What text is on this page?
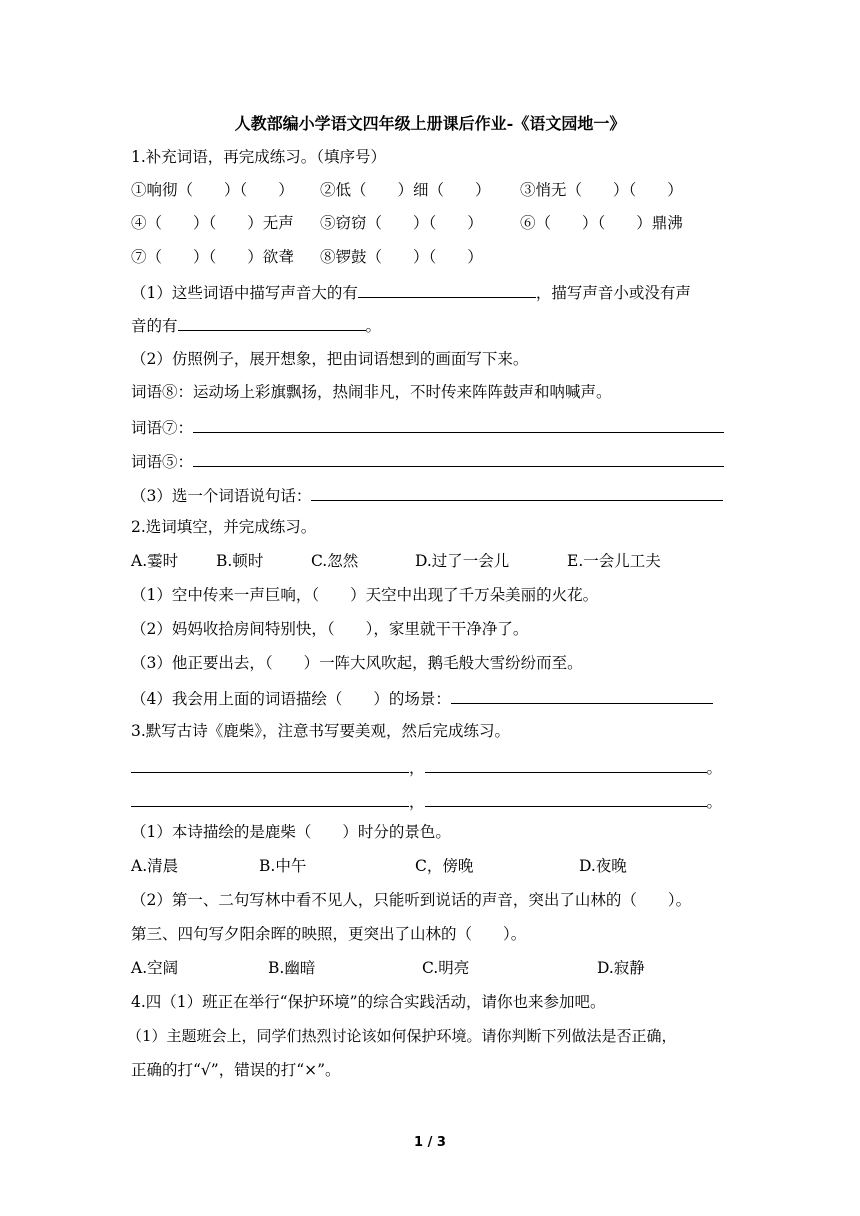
人教部编小学语文四年级上册课后作业-《语文园地一》
1.补充词语，再完成练习。（填序号）
①响彻（　　）（　　） ②低（　　）细（　　） ③悄无（　　）（　　）
④（　　）（　　）无声 ⑤窃窃（　　）（　　） ⑥（　　）（　　）鼎沸
⑦（　　）（　　）欲聋 ⑧锣鼓（　　）（　　）
（1）这些词语中描写声音大的有	，描写声音小或没有声
音的有	。
（2）仿照例子，展开想象，把由词语想到的画面写下来。
词语⑧：运动场上彩旗飘扬，热闹非凡，不时传来阵阵鼓声和呐喊声。
词语⑦：
词语⑤：
（3）选一个词语说句话：
2.选词填空，并完成练习。
A.霎时 B.顿时	C.忽然	D.过了一会儿	E.一会儿工夫
（1）空中传来一声巨响，（　　）天空中出现了千万朵美丽的火花。
（2）妈妈收拾房间特别快，（　　），家里就干干净净了。
（3）他正要出去，（　　）一阵大风吹起，鹅毛般大雪纷纷而至。
（4）我会用上面的词语描绘（　　）的场景：
3.默写古诗《鹿柴》，注意书写要美观，然后完成练习。
，	。
，	。
（1）本诗描绘的是鹿柴（　　）时分的景色。
A.清晨	B.中午	C，傍晚	D.夜晚
（2）第一、二句写林中看不见人，只能听到说话的声音，突出了山林的（　　）。
第三、四句写夕阳余晖的映照，更突出了山林的（　　）。
A.空阔	B.幽暗	C.明亮	D.寂静
4.四（1）班正在举行“保护环境”的综合实践活动，请你也来参加吧。
（1）主题班会上，同学们热烈讨论该如何保护环境。请你判断下列做法是否正确，
正确的打“√”，错误的打“×”。
1 / 3
